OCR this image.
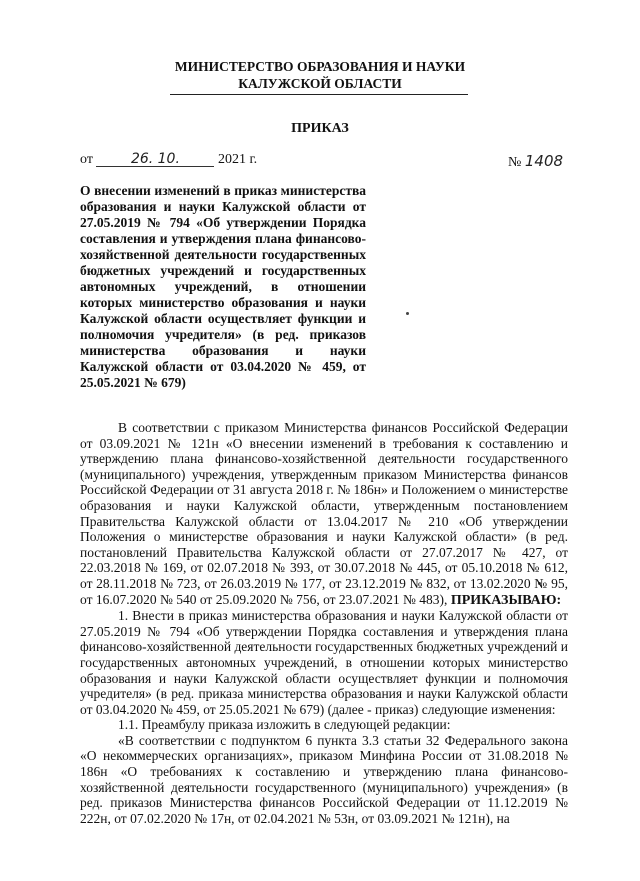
МИНИСТЕРСТВО ОБРАЗОВАНИЯ И НАУКИ
КАЛУЖСКОЙ ОБЛАСТИ
ПРИКАЗ
от	26. 10.	2021 г.	№ 1408
О внесении изменений в приказ министерства образования и науки Калужской области от 27.05.2019 № 794 «Об утверждении Порядка составления и утверждения плана финансово-хозяйственной деятельности государственных бюджетных учреждений и государственных автономных учреждений, в отношении которых министерство образования и науки Калужской области осуществляет функции и полномочия учредителя» (в ред. приказов министерства образования и науки Калужской области от 03.04.2020 № 459, от 25.05.2021 № 679)

В соответствии с приказом Министерства финансов Российской Федерации от 03.09.2021 № 121н «О внесении изменений в требования к составлению и утверждению плана финансово-хозяйственной деятельности государственного (муниципального) учреждения, утвержденным приказом Министерства финансов Российской Федерации от 31 августа 2018 г. № 186н» и Положением о министерстве образования и науки Калужской области, утвержденным постановлением Правительства Калужской области от 13.04.2017 № 210 «Об утверждении Положения о министерстве образования и науки Калужской области» (в ред. постановлений Правительства Калужской области от 27.07.2017 № 427, от 22.03.2018 № 169, от 02.07.2018 № 393, от 30.07.2018 № 445, от 05.10.2018 № 612, от 28.11.2018 № 723, от 26.03.2019 № 177, от 23.12.2019 № 832, от 13.02.2020 № 95, от 16.07.2020 № 540 от 25.09.2020 № 756, от 23.07.2021 № 483), ПРИКАЗЫВАЮ:

1. Внести в приказ министерства образования и науки Калужской области от 27.05.2019 № 794 «Об утверждении Порядка составления и утверждения плана финансово-хозяйственной деятельности государственных бюджетных учреждений и государственных автономных учреждений, в отношении которых министерство образования и науки Калужской области осуществляет функции и полномочия учредителя» (в ред. приказа министерства образования и науки Калужской области от 03.04.2020 № 459, от 25.05.2021 № 679) (далее - приказ) следующие изменения:

1.1. Преамбулу приказа изложить в следующей редакции:

«В соответствии с подпунктом 6 пункта 3.3 статьи 32 Федерального закона «О некоммерческих организациях», приказом Минфина России от 31.08.2018 № 186н «О требованиях к составлению и утверждению плана финансово-хозяйственной деятельности государственного (муниципального) учреждения» (в ред. приказов Министерства финансов Российской Федерации от 11.12.2019 № 222н, от 07.02.2020 № 17н, от 02.04.2021 № 53н, от 03.09.2021 № 121н), на
